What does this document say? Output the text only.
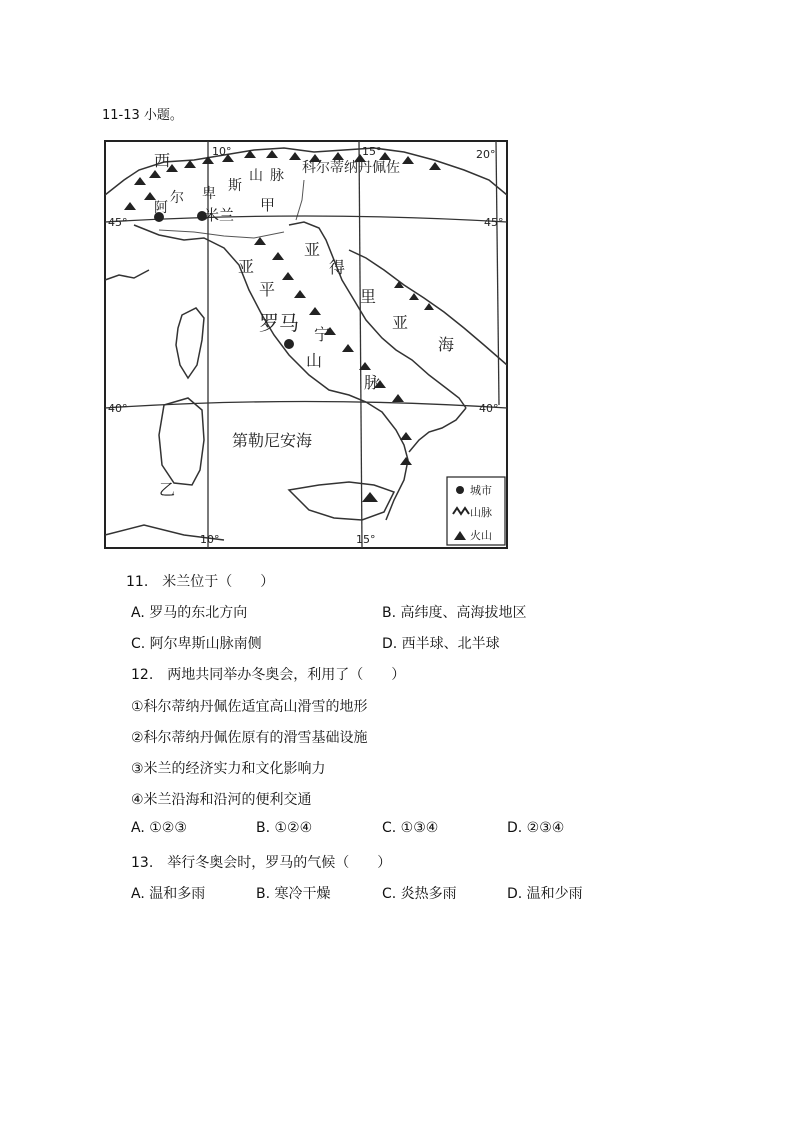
11-13 小题。
西
阿
尔 卑 斯
山 脉 科尔蒂纳丹佩佐
米兰
甲
亚
得
里
亚
海
亚
平
罗马 宁
山
脉
第勒尼安海
乙
10°	15°	20°
45°	45°
40°	40°
10°	15°
城市
山脉
火山
11.　米兰位于（　　）
A. 罗马的东北方向	B. 高纬度、高海拔地区
C. 阿尔卑斯山脉南侧	D. 西半球、北半球
12.　两地共同举办冬奥会，利用了（　　）
①科尔蒂纳丹佩佐适宜高山滑雪的地形
②科尔蒂纳丹佩佐原有的滑雪基础设施
③米兰的经济实力和文化影响力
④米兰沿海和沿河的便利交通
A. ①②③	B. ①②④	C. ①③④	D. ②③④
13.　举行冬奥会时，罗马的气候（　　）
A. 温和多雨	B. 寒冷干燥	C. 炎热多雨	D. 温和少雨
